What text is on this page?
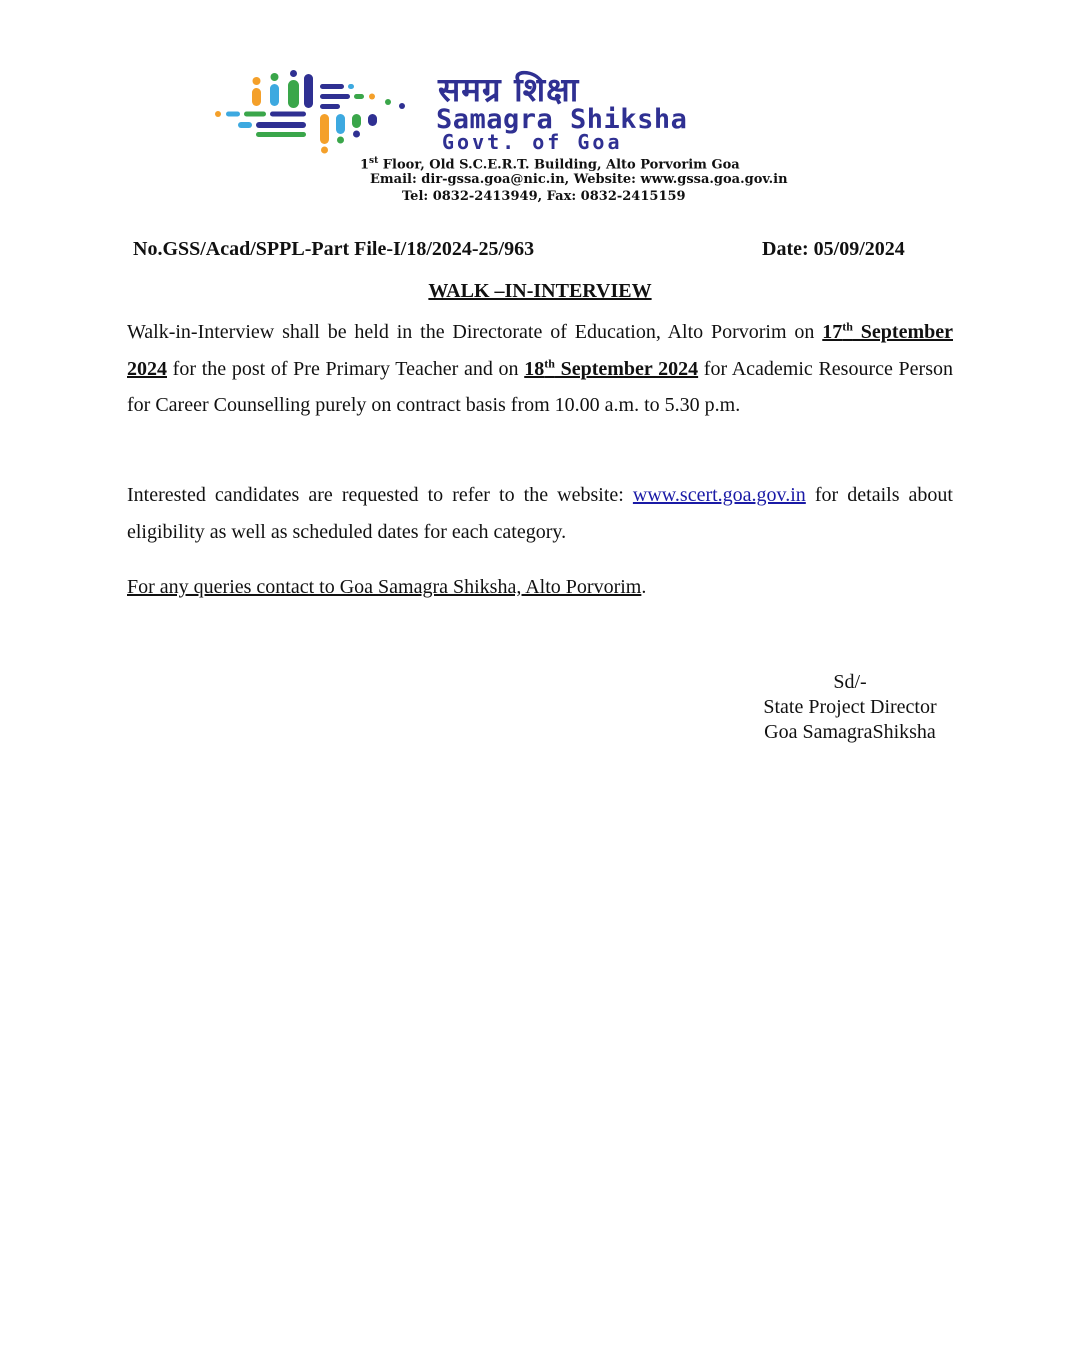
समग्र शिक्षा
Samagra Shiksha
Govt. of Goa
1st Floor, Old S.C.E.R.T. Building, Alto Porvorim Goa
Email: dir-gssa.goa@nic.in, Website: www.gssa.goa.gov.in
Tel: 0832-2413949, Fax: 0832-2415159
No.GSS/Acad/SPPL-Part File-I/18/2024-25/963	Date: 05/09/2024
WALK –IN-INTERVIEW
Walk-in-Interview shall be held in the Directorate of Education, Alto Porvorim on 17th September 2024 for the post of Pre Primary Teacher and on 18th September 2024 for Academic Resource Person for Career Counselling purely on contract basis from 10.00 a.m. to 5.30 p.m.
Interested candidates are requested to refer to the website: www.scert.goa.gov.in for details about eligibility as well as scheduled dates for each category.
For any queries contact to Goa Samagra Shiksha, Alto Porvorim.
Sd/-
State Project Director
Goa SamagraShiksha
